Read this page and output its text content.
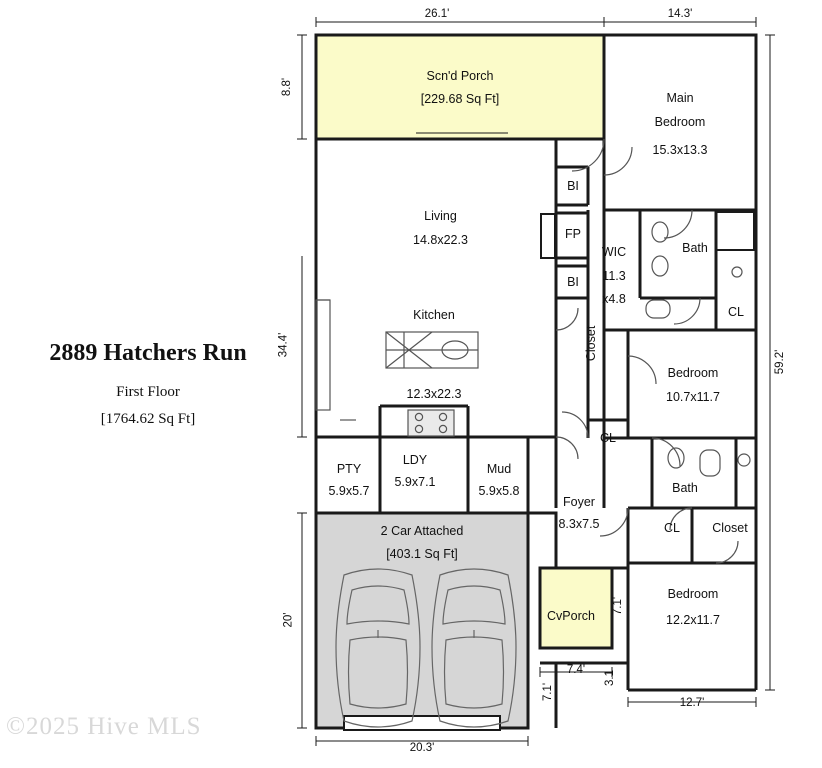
2889 Hatchers Run
First Floor
[1764.62 Sq Ft]
©2025 Hive MLS
Scn'd Porch
[229.68 Sq Ft]	Main
Bedroom
15.3x13.3
Living
14.8x22.3
Kitchen
12.3x22.3
WIC
11.3
x4.8
Bath
Bedroom
10.7x11.7
Bedroom
12.2x11.7
Bath
Closet
Closet
CL
CL
CL
BI
BI
FP
PTY
5.9x5.7
LDY
5.9x7.1
Mud
5.9x5.8
Foyer
8.3x7.5
2 Car Attached
[403.1 Sq Ft]
CvPorch
26.1'	14.3'
8.8'
34.4'
20'
59.2'
20.3'
12.7'
7.4'
7.1'
7.1'
3.1
